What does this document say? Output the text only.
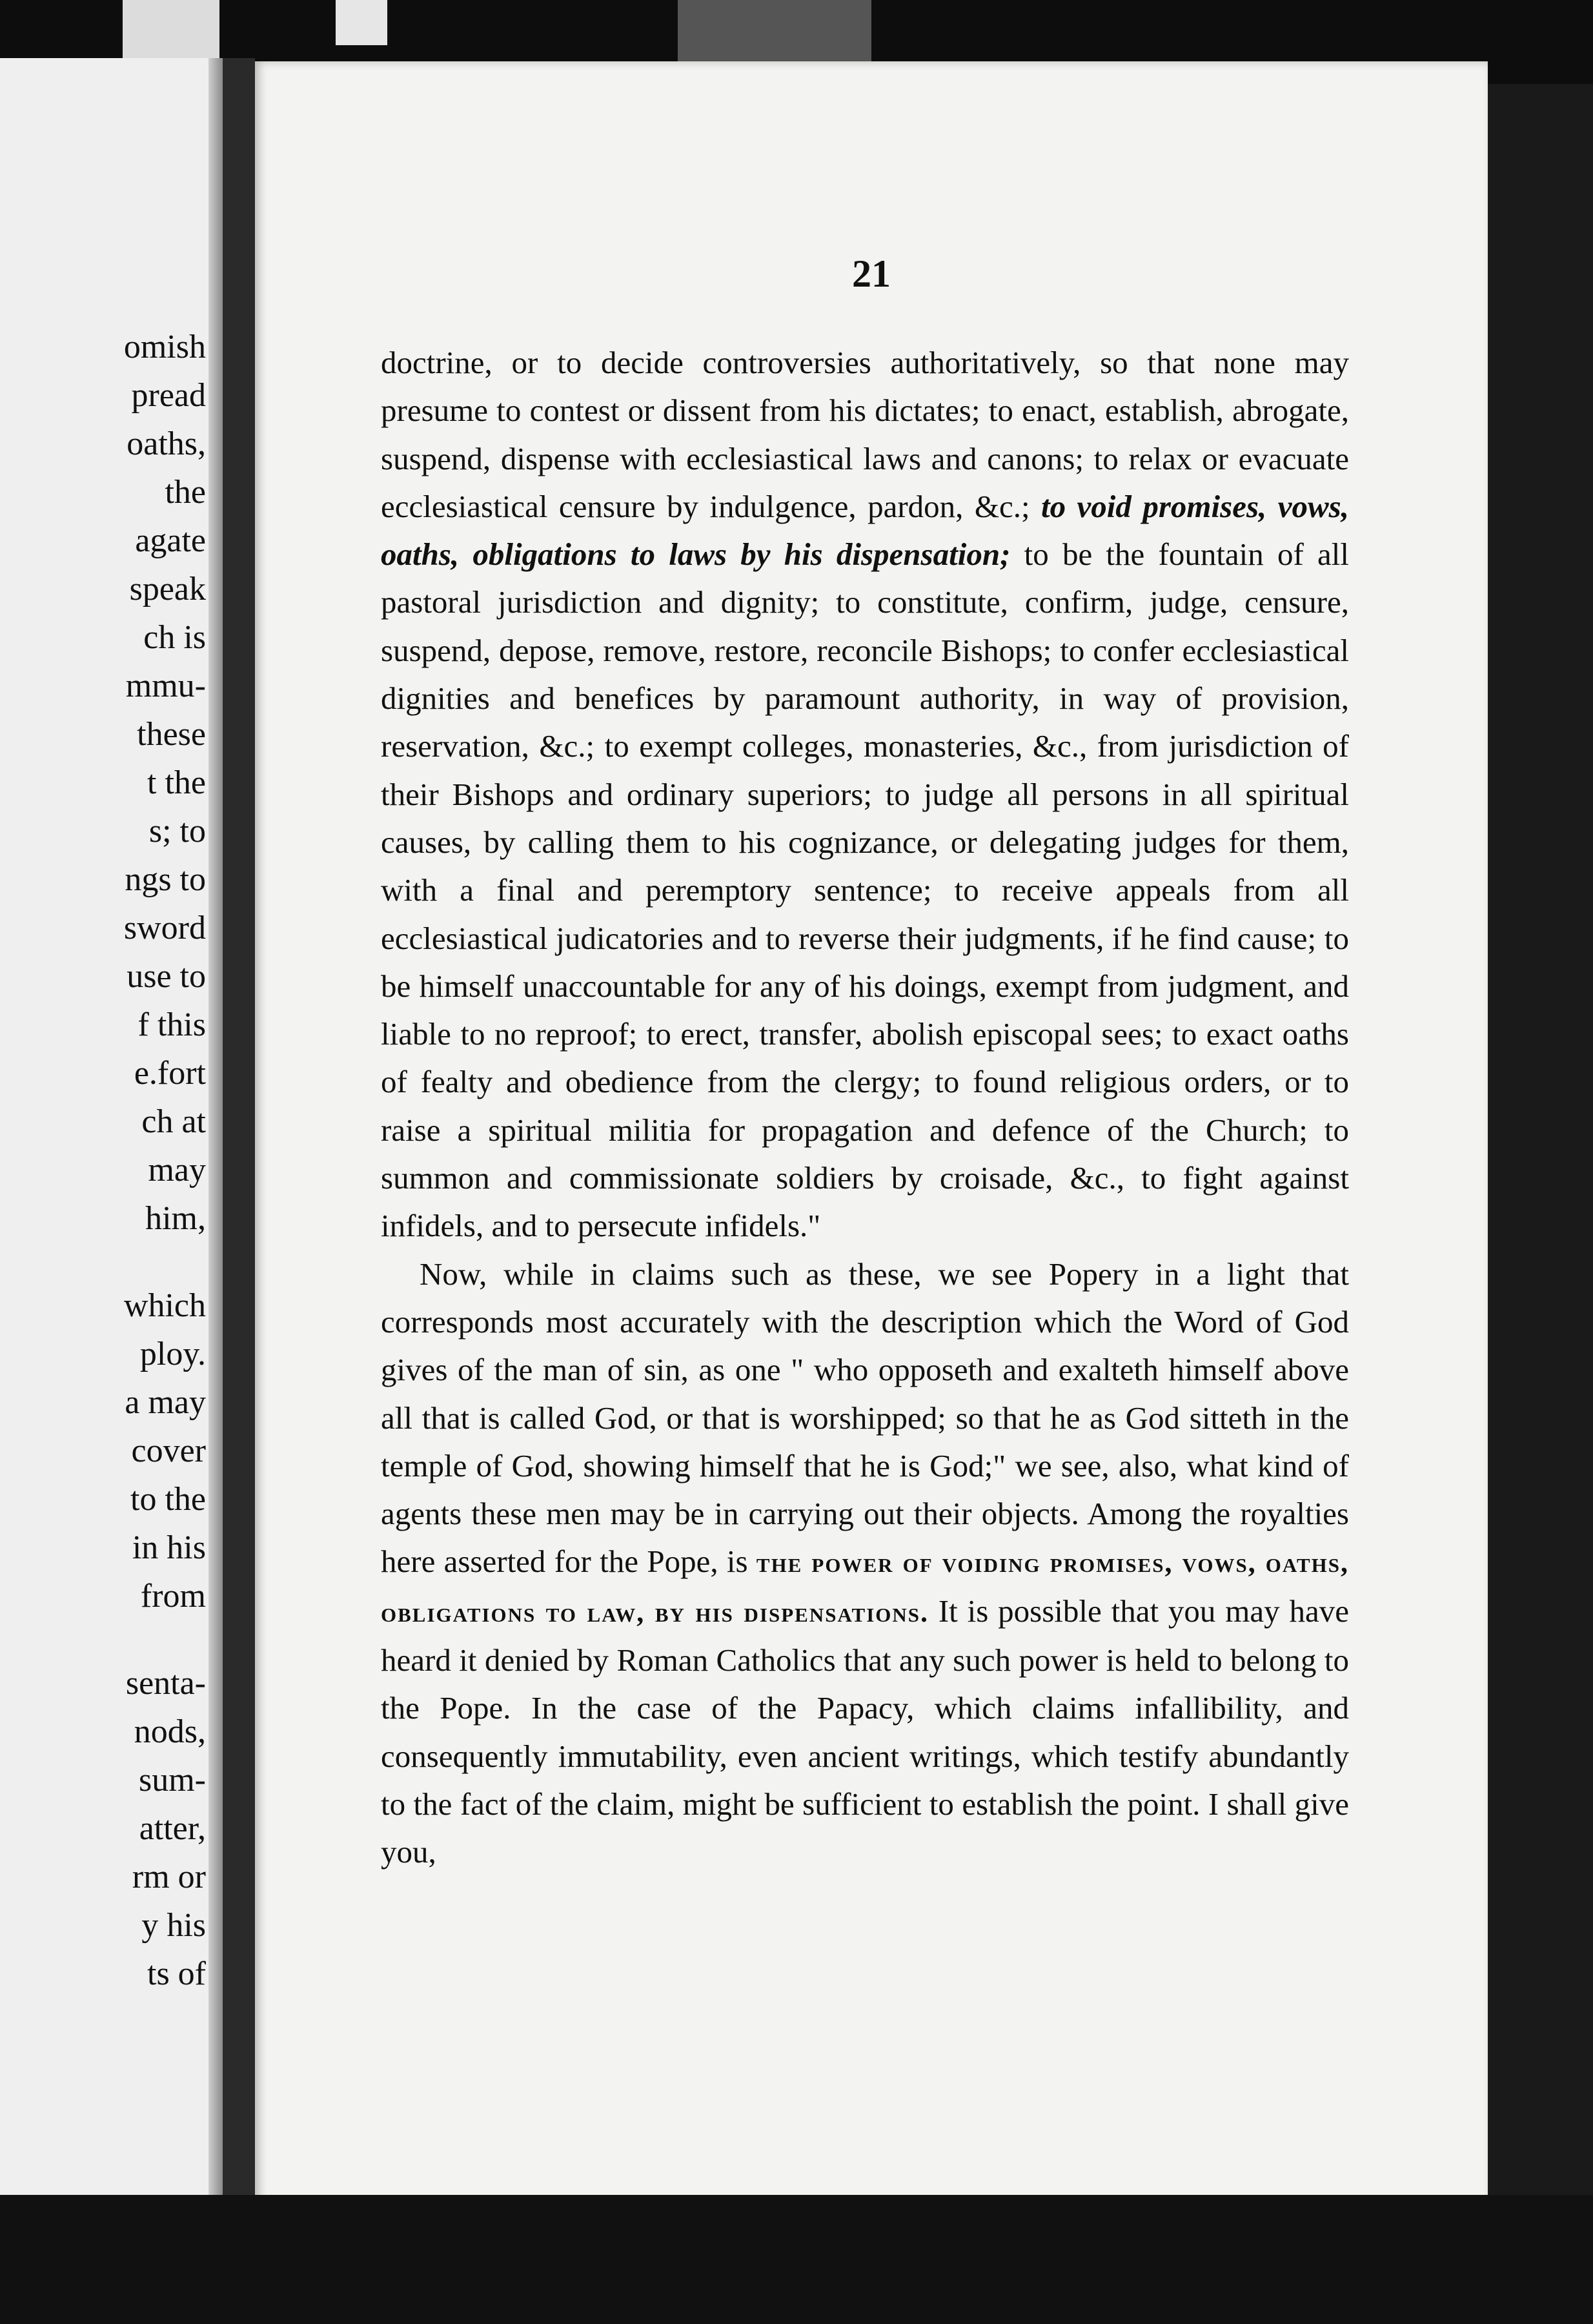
omish
pread
oaths,
the
agate
speak
ch is
mmu-
these
t the
s; to
ngs to
sword
use to
f this
e.fort
ch at
may
him,
which
ploy.
a may
cover
to the
in his
from
senta-
nods,
sum-
atter,
rm or
y his
ts of
21

doctrine, or to decide controversies authoritatively, so that none may presume to contest or dissent from his dictates; to enact, establish, abrogate, suspend, dispense with ecclesiastical laws and canons; to relax or evacuate ecclesiastical censure by indulgence, pardon, &c.; to void promises, vows, oaths, obligations to laws by his dispensation; to be the fountain of all pastoral jurisdiction and dignity; to constitute, confirm, judge, censure, suspend, depose, remove, restore, reconcile Bishops; to confer ecclesiastical dignities and benefices by paramount authority, in way of provision, reservation, &c.; to exempt colleges, monasteries, &c., from jurisdiction of their Bishops and ordinary superiors; to judge all persons in all spiritual causes, by calling them to his cognizance, or delegating judges for them, with a final and peremptory sentence; to receive appeals from all ecclesiastical judicatories and to reverse their judgments, if he find cause; to be himself unaccountable for any of his doings, exempt from judgment, and liable to no reproof; to erect, transfer, abolish episcopal sees; to exact oaths of fealty and obedience from the clergy; to found religious orders, or to raise a spiritual militia for propagation and defence of the Church; to summon and commissionate soldiers by croisade, &c., to fight against infidels, and to persecute infidels."

Now, while in claims such as these, we see Popery in a light that corresponds most accurately with the description which the Word of God gives of the man of sin, as one " who opposeth and exalteth himself above all that is called God, or that is worshipped; so that he as God sitteth in the temple of God, showing himself that he is God;" we see, also, what kind of agents these men may be in carrying out their objects. Among the royalties here asserted for the Pope, is the power of voiding promises, vows, oaths, obligations to law, by his dispensations. It is possible that you may have heard it denied by Roman Catholics that any such power is held to belong to the Pope. In the case of the Papacy, which claims infallibility, and consequently immutability, even ancient writings, which testify abundantly to the fact of the claim, might be sufficient to establish the point. I shall give you,
